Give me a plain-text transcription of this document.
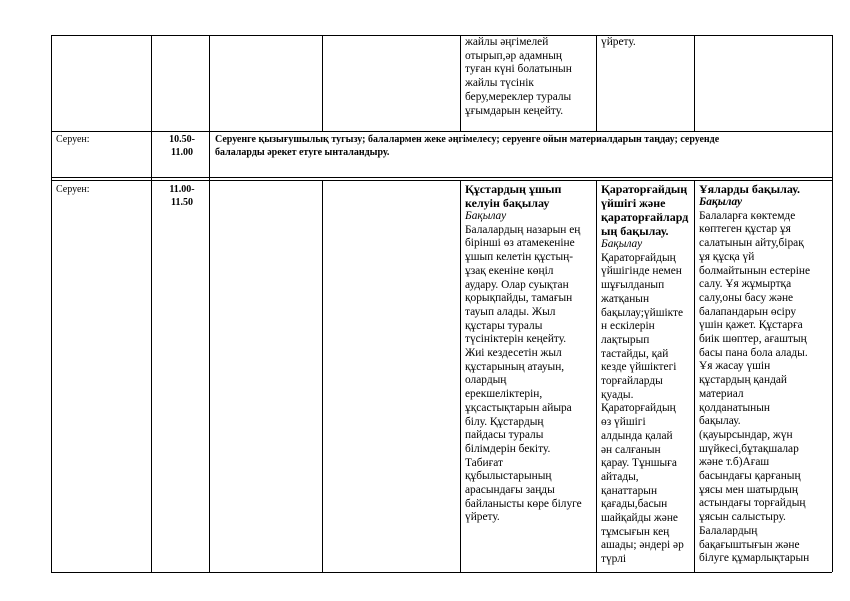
жайлы әңгімелей
отырып,әр адамның
туған күні болатынын
жайлы түсінік
беру,мереклер туралы
ұғымдарын кеңейту.
үйрету.
Серуен:	10.50-
11.00
Серуенге қызығушылық тугызу; балалармен жеке әңгімелесу; серуенге ойын материалдарын таңдау; серуенде
балаларды әрекет етуге ынталандыру.
Серуен:	11.00-
11.50
Құстардың ұшып
келуін бақылау
Бақылау
Балалардың назарын ең
бірінші өз атамекеніне
ұшып келетін құстың-
ұзақ екеніне көңіл
аудару. Олар суықтан
қорықпайды, тамағын
тауып алады. Жыл
құстары туралы
түсініктерін кеңейту.
Жиі кездесетін жыл
құстарының атауын,
олардың
ерекшеліктерін,
ұқсастықтарын айыра
білу. Құстардың
пайдасы туралы
білімдерін бекіту.
Табиғат
құбылыстарының
арасындағы заңды
байланысты көре білуге
үйрету.
Қараторғайдың
үйшігі және
қараторғайлард
ың бақылау.
Бақылау
Қараторғайдың
үйшігінде немен
шұғылданып
жатқанын
бақылау;үйшікте
н ескілерін
лақтырып
тастайды, қай
кезде үйшіктегі
торғайларды
қуады.
Қараторғайдың
өз үйшігі
алдында қалай
ән салғанын
қарау. Тұншыға
айтады,
қанаттарын
қағады,басын
шайқайды және
тұмсығын кең
ашады; әндері әр
түрлі
Ұяларды бақылау.
Бақылау
Балаларға көктемде
көптеген құстар ұя
салатынын айту,бірақ
ұя құсқа үй
болмайтынын естеріне
салу. Ұя жұмыртқа
салу,оны басу және
балапандарын өсіру
үшін қажет. Құстарға
биік шөптер, ағаштың
басы пана бола алады.
Ұя жасау үшін
құстардың қандай
материал
қолданатынын
бақылау.
(қауырсындар, жүн
шүйкесі,бұтақшалар
және т.б)Ағаш
басындағы қарғаның
ұясы мен шатырдың
астындағы торғайдың
ұясын салыстыру.
Балалардың
бақағыштығын және
білуге құмарлықтарын
